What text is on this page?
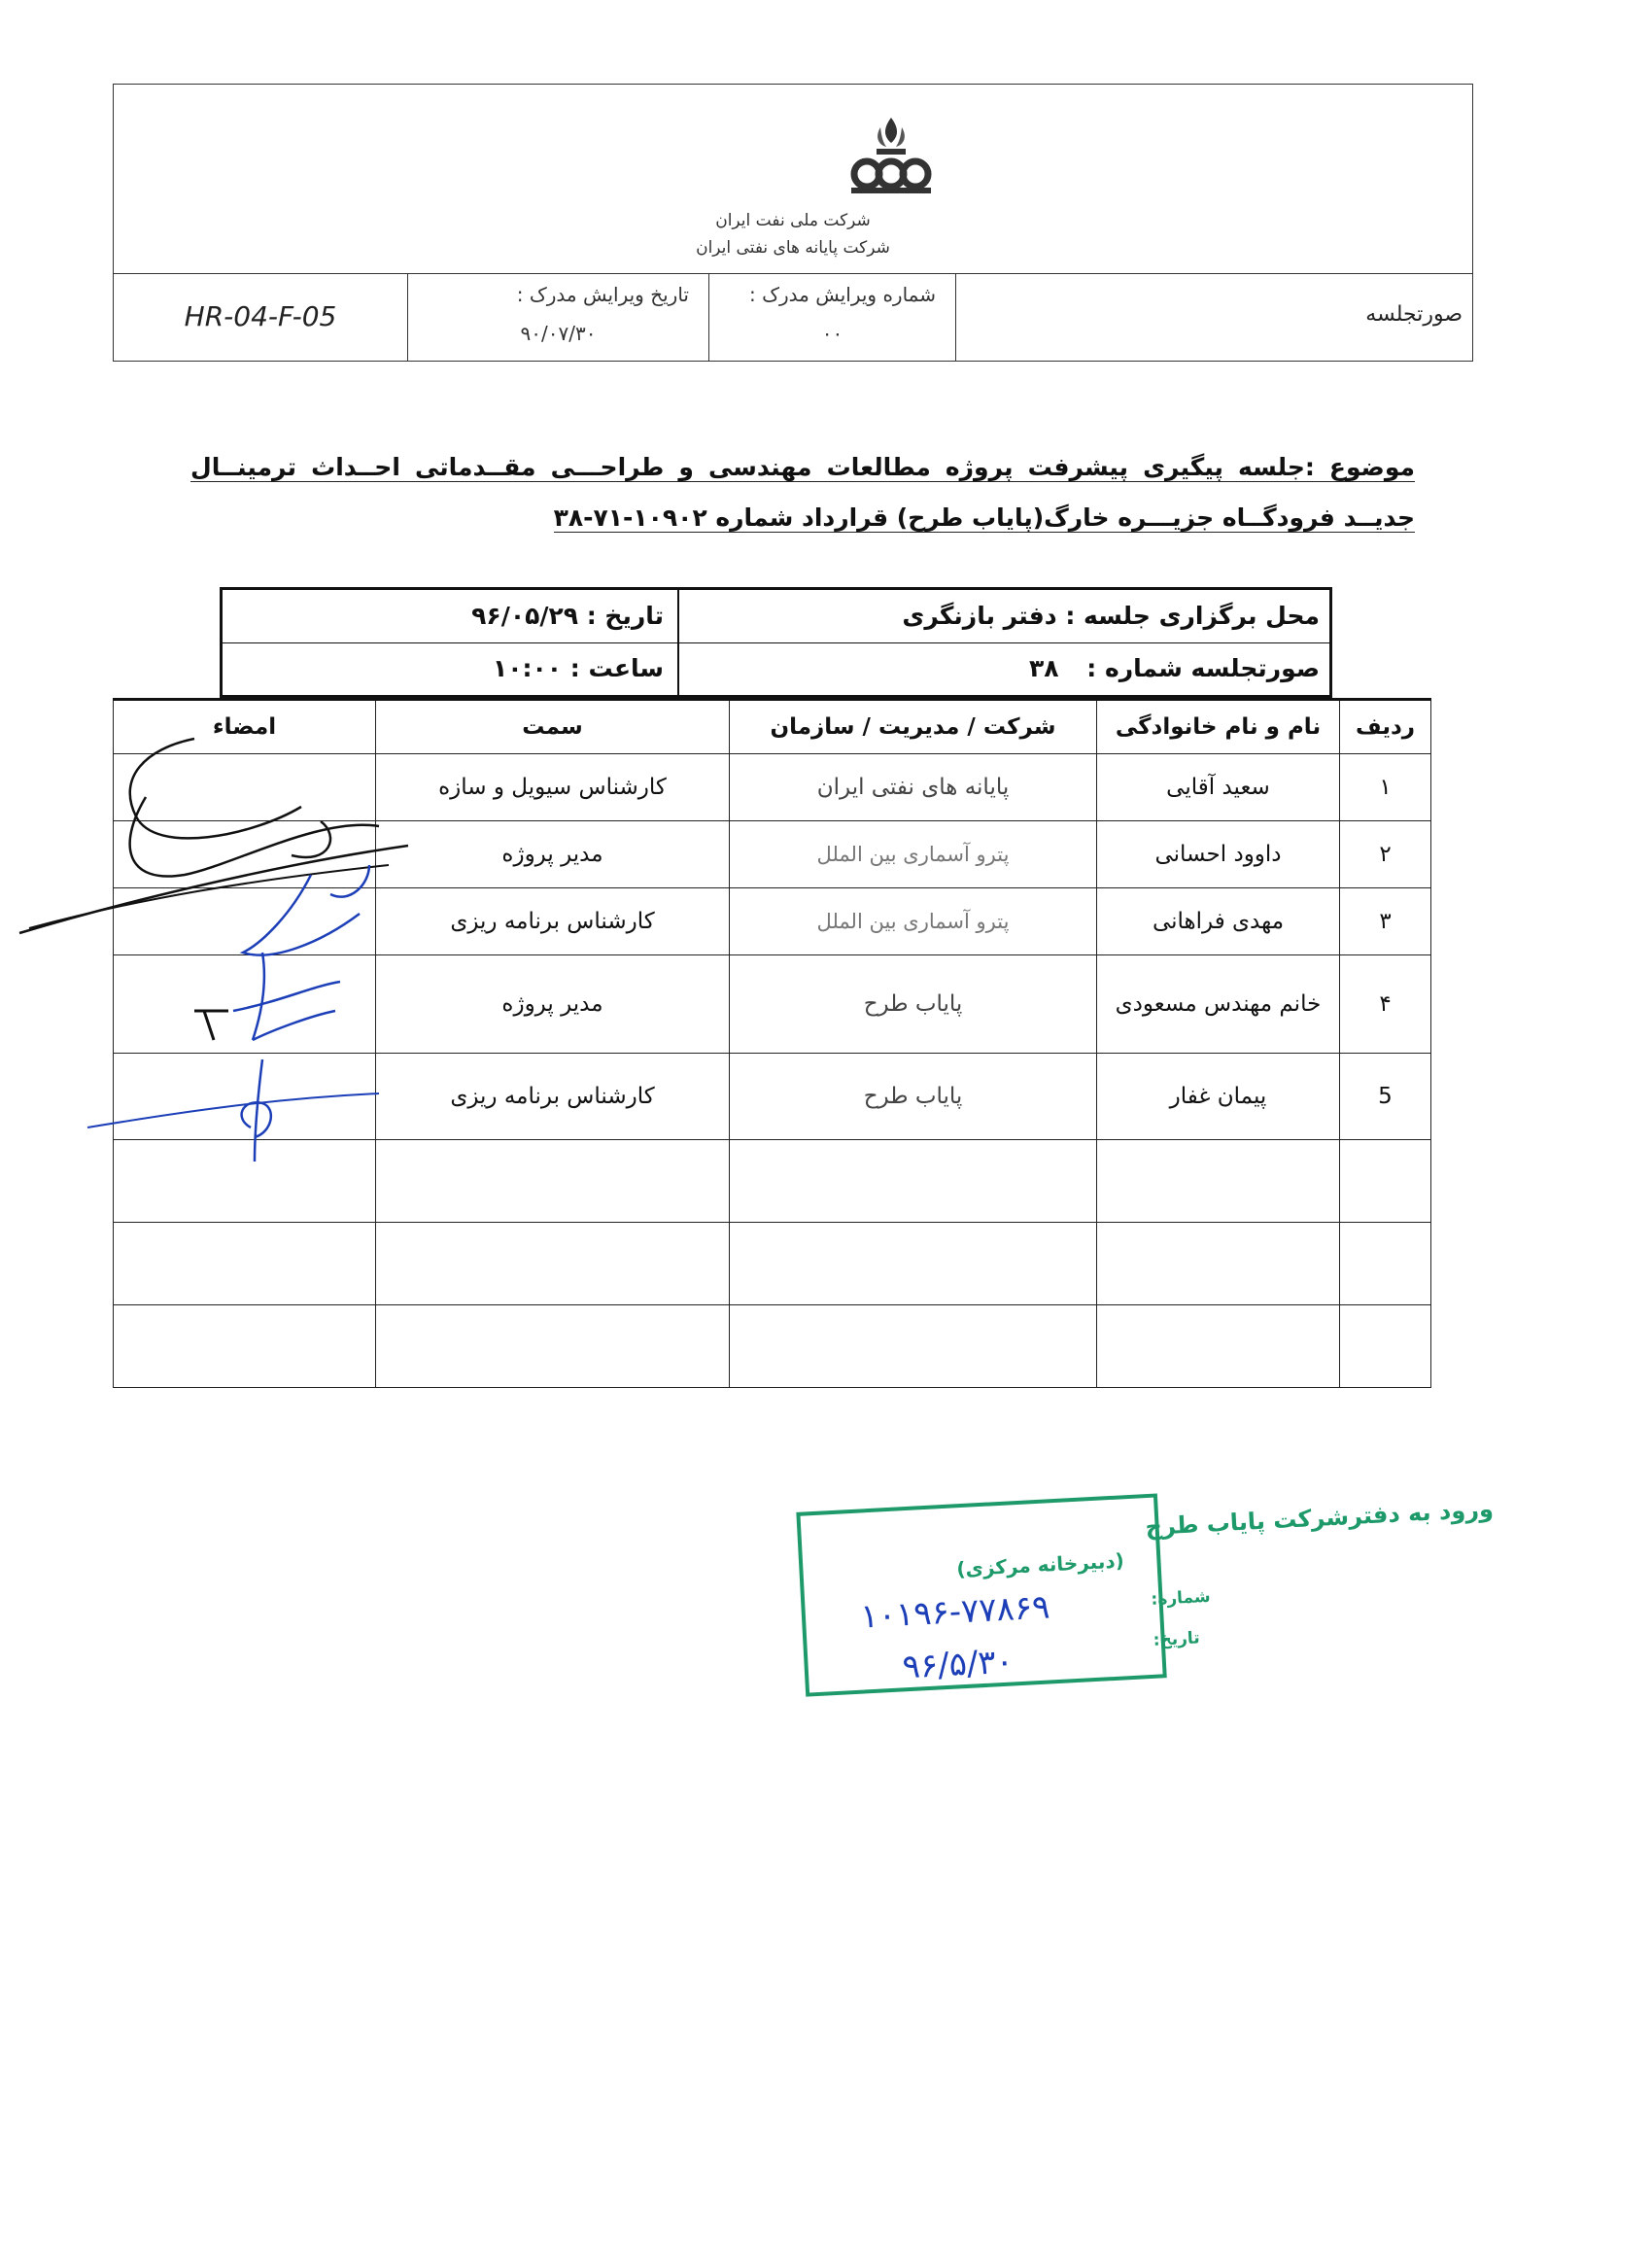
شرکت ملی نفت ایران
شرکت پایانه های نفتی ایران
HR-04-F-05
تاریخ ویرایش مدرک :
۹۰/۰۷/۳۰
شماره ویرایش مدرک :
۰۰
صورتجلسه
موضوع :جلسه پیگیری پیشرفت پروژه مطالعات مهندسی و طراحـــی مقــدماتی احــداث ترمینــال جدیــد فرودگــاه جزیـــره خارگ(پایاب طرح) قرارداد شماره ۱۰۹۰۲-۷۱-۳۸
تاریخ : ۹۶/۰۵/۲۹	محل برگزاری جلسه : دفتر بازنگری
ساعت : ۱۰:۰۰	صورتجلسه شماره : ۳۸
ردیف	نام و نام خانوادگی	شرکت / مدیریت / سازمان	سمت	امضاء
۱	سعید آقایی	پایانه های نفتی ایران	کارشناس سیویل و سازه	
۲	داوود احسانی	پترو آسماری بین الملل	مدیر پروژه	
۳	مهدی فراهانی	پترو آسماری بین الملل	کارشناس برنامه ریزی	
۴	خانم مهندس مسعودی	پایاب طرح	مدیر پروژه	
5	پیمان غفار	پایاب طرح	کارشناس برنامه ریزی	

ورود به دفترشرکت پایاب طرح
(دبیرخانه مرکزی)
شماره:
۱۰۱۹۶-۷۷۸۶۹
تاریخ:
۹۶/۵/۳۰
